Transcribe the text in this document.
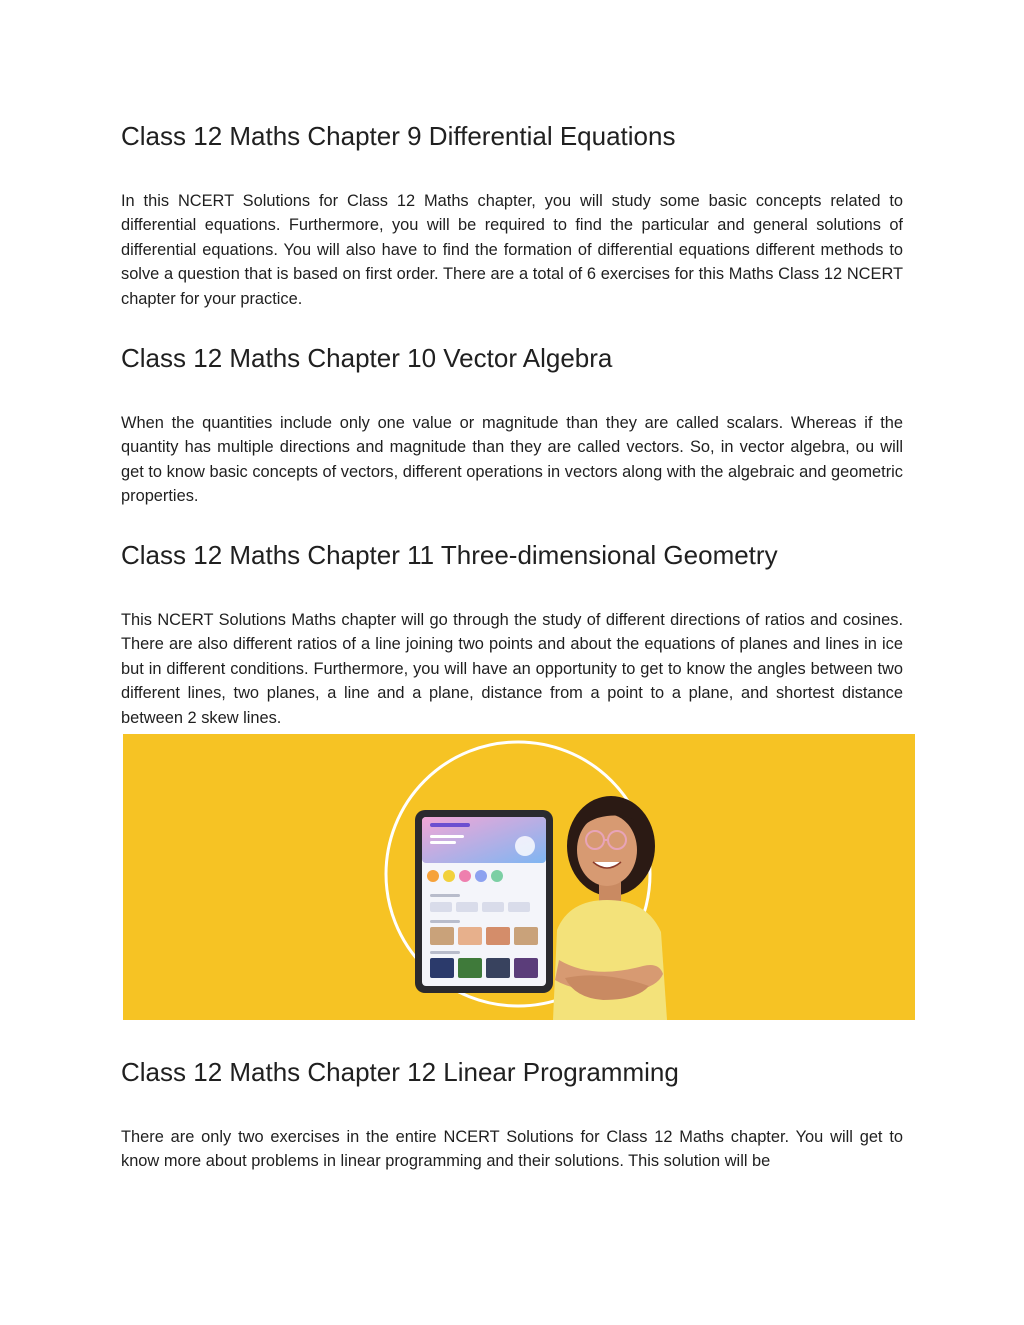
Class 12 Maths Chapter 9 Differential Equations

In this NCERT Solutions for Class 12 Maths chapter, you will study some basic concepts related to differential equations. Furthermore, you will be required to find the particular and general solutions of differential equations. You will also have to find the formation of differential equations different methods to solve a question that is based on first order. There are a total of 6 exercises for this Maths Class 12 NCERT chapter for your practice.

Class 12 Maths Chapter 10 Vector Algebra

When the quantities include only one value or magnitude than they are called scalars. Whereas if the quantity has multiple directions and magnitude than they are called vectors. So, in vector algebra, ou will get to know basic concepts of vectors, different operations in vectors along with the algebraic and geometric properties.

Class 12 Maths Chapter 11 Three-dimensional Geometry

This NCERT Solutions Maths chapter will go through the study of different directions of ratios and cosines. There are also different ratios of a line joining two points and about the equations of planes and lines in ice but in different conditions. Furthermore, you will have an opportunity to get to know the angles between two different lines, two planes, a line and a plane, distance from a point to a plane, and shortest distance between 2 skew lines.

Class 12 Maths Chapter 12 Linear Programming

There are only two exercises in the entire NCERT Solutions for Class 12 Maths chapter. You will get to know more about problems in linear programming and their solutions. This solution will be
